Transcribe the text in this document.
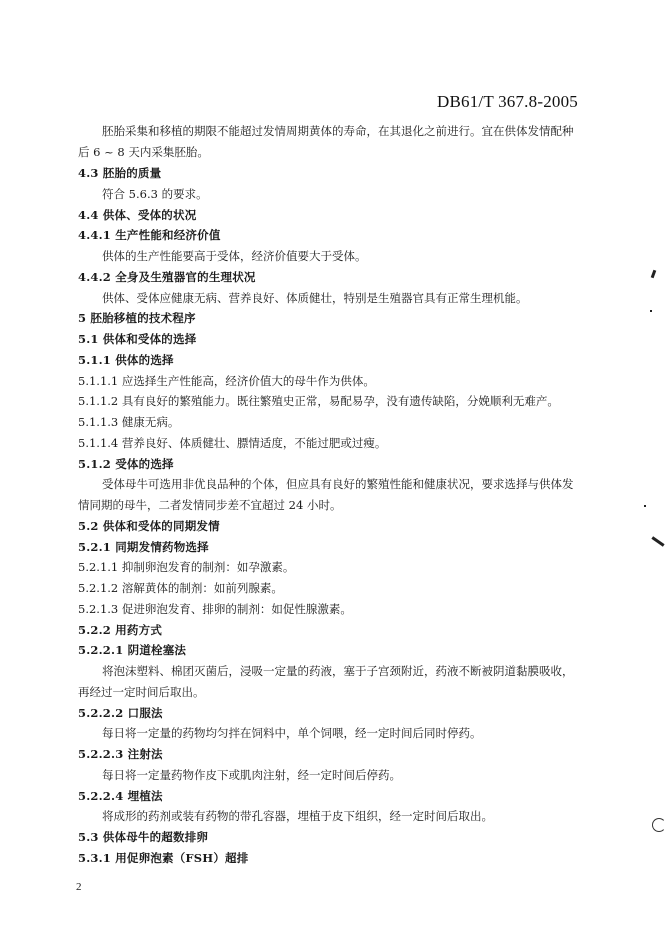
DB61/T 367.8-2005
胚胎采集和移植的期限不能超过发情周期黄体的寿命，在其退化之前进行。宜在供体发情配种
后 6 ~ 8 天内采集胚胎。
4.3 胚胎的质量
符合 5.6.3 的要求。
4.4 供体、受体的状况
4.4.1 生产性能和经济价值
供体的生产性能要高于受体，经济价值要大于受体。
4.4.2 全身及生殖器官的生理状况
供体、受体应健康无病、营养良好、体质健壮，特别是生殖器官具有正常生理机能。
5 胚胎移植的技术程序
5.1 供体和受体的选择
5.1.1 供体的选择
5.1.1.1 应选择生产性能高，经济价值大的母牛作为供体。
5.1.1.2 具有良好的繁殖能力。既往繁殖史正常，易配易孕，没有遗传缺陷，分娩顺利无难产。
5.1.1.3 健康无病。
5.1.1.4 营养良好、体质健壮、膘情适度，不能过肥或过瘦。
5.1.2 受体的选择
受体母牛可选用非优良品种的个体，但应具有良好的繁殖性能和健康状况，要求选择与供体发
情同期的母牛，二者发情同步差不宜超过 24 小时。
5.2 供体和受体的同期发情
5.2.1 同期发情药物选择
5.2.1.1 抑制卵泡发育的制剂：如孕激素。
5.2.1.2 溶解黄体的制剂：如前列腺素。
5.2.1.3 促进卵泡发育、排卵的制剂：如促性腺激素。
5.2.2 用药方式
5.2.2.1 阴道栓塞法
将泡沫塑料、棉团灭菌后，浸吸一定量的药液，塞于子宫颈附近，药液不断被阴道黏膜吸收，
再经过一定时间后取出。
5.2.2.2 口服法
每日将一定量的药物均匀拌在饲料中，单个饲喂，经一定时间后同时停药。
5.2.2.3 注射法
每日将一定量药物作皮下或肌肉注射，经一定时间后停药。
5.2.2.4 埋植法
将成形的药剂或装有药物的带孔容器，埋植于皮下组织，经一定时间后取出。
5.3 供体母牛的超数排卵
5.3.1 用促卵泡素（FSH）超排
2
